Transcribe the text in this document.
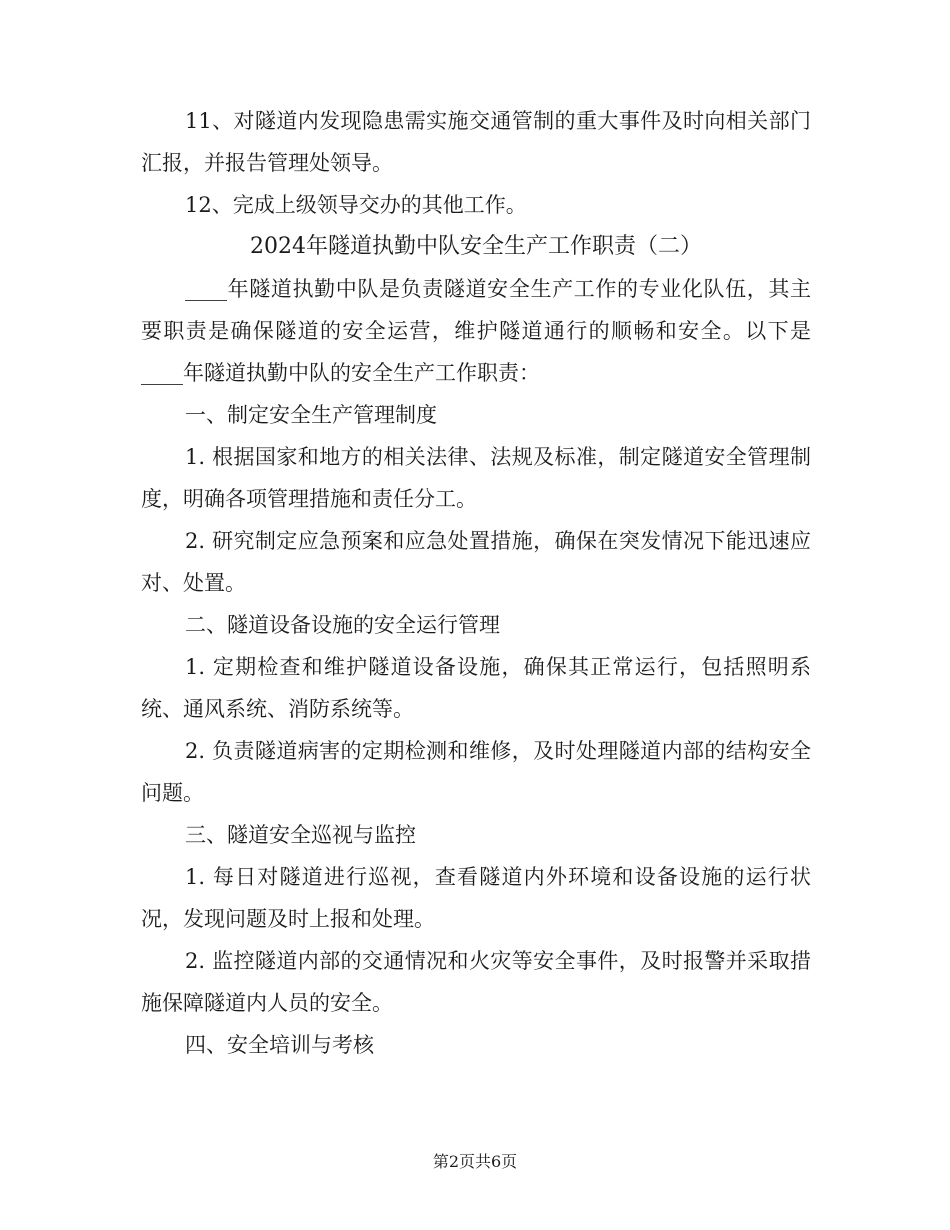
11、对隧道内发现隐患需实施交通管制的重大事件及时向相关部门汇报，并报告管理处领导。

12、完成上级领导交办的其他工作。

2024年隧道执勤中队安全生产工作职责（二）

____年隧道执勤中队是负责隧道安全生产工作的专业化队伍，其主要职责是确保隧道的安全运营，维护隧道通行的顺畅和安全。以下是____年隧道执勤中队的安全生产工作职责：

一、制定安全生产管理制度

1. 根据国家和地方的相关法律、法规及标准，制定隧道安全管理制度，明确各项管理措施和责任分工。

2. 研究制定应急预案和应急处置措施，确保在突发情况下能迅速应对、处置。

二、隧道设备设施的安全运行管理

1. 定期检查和维护隧道设备设施，确保其正常运行，包括照明系统、通风系统、消防系统等。

2. 负责隧道病害的定期检测和维修，及时处理隧道内部的结构安全问题。

三、隧道安全巡视与监控

1. 每日对隧道进行巡视，查看隧道内外环境和设备设施的运行状况，发现问题及时上报和处理。

2. 监控隧道内部的交通情况和火灾等安全事件，及时报警并采取措施保障隧道内人员的安全。

四、安全培训与考核

第2页共6页
